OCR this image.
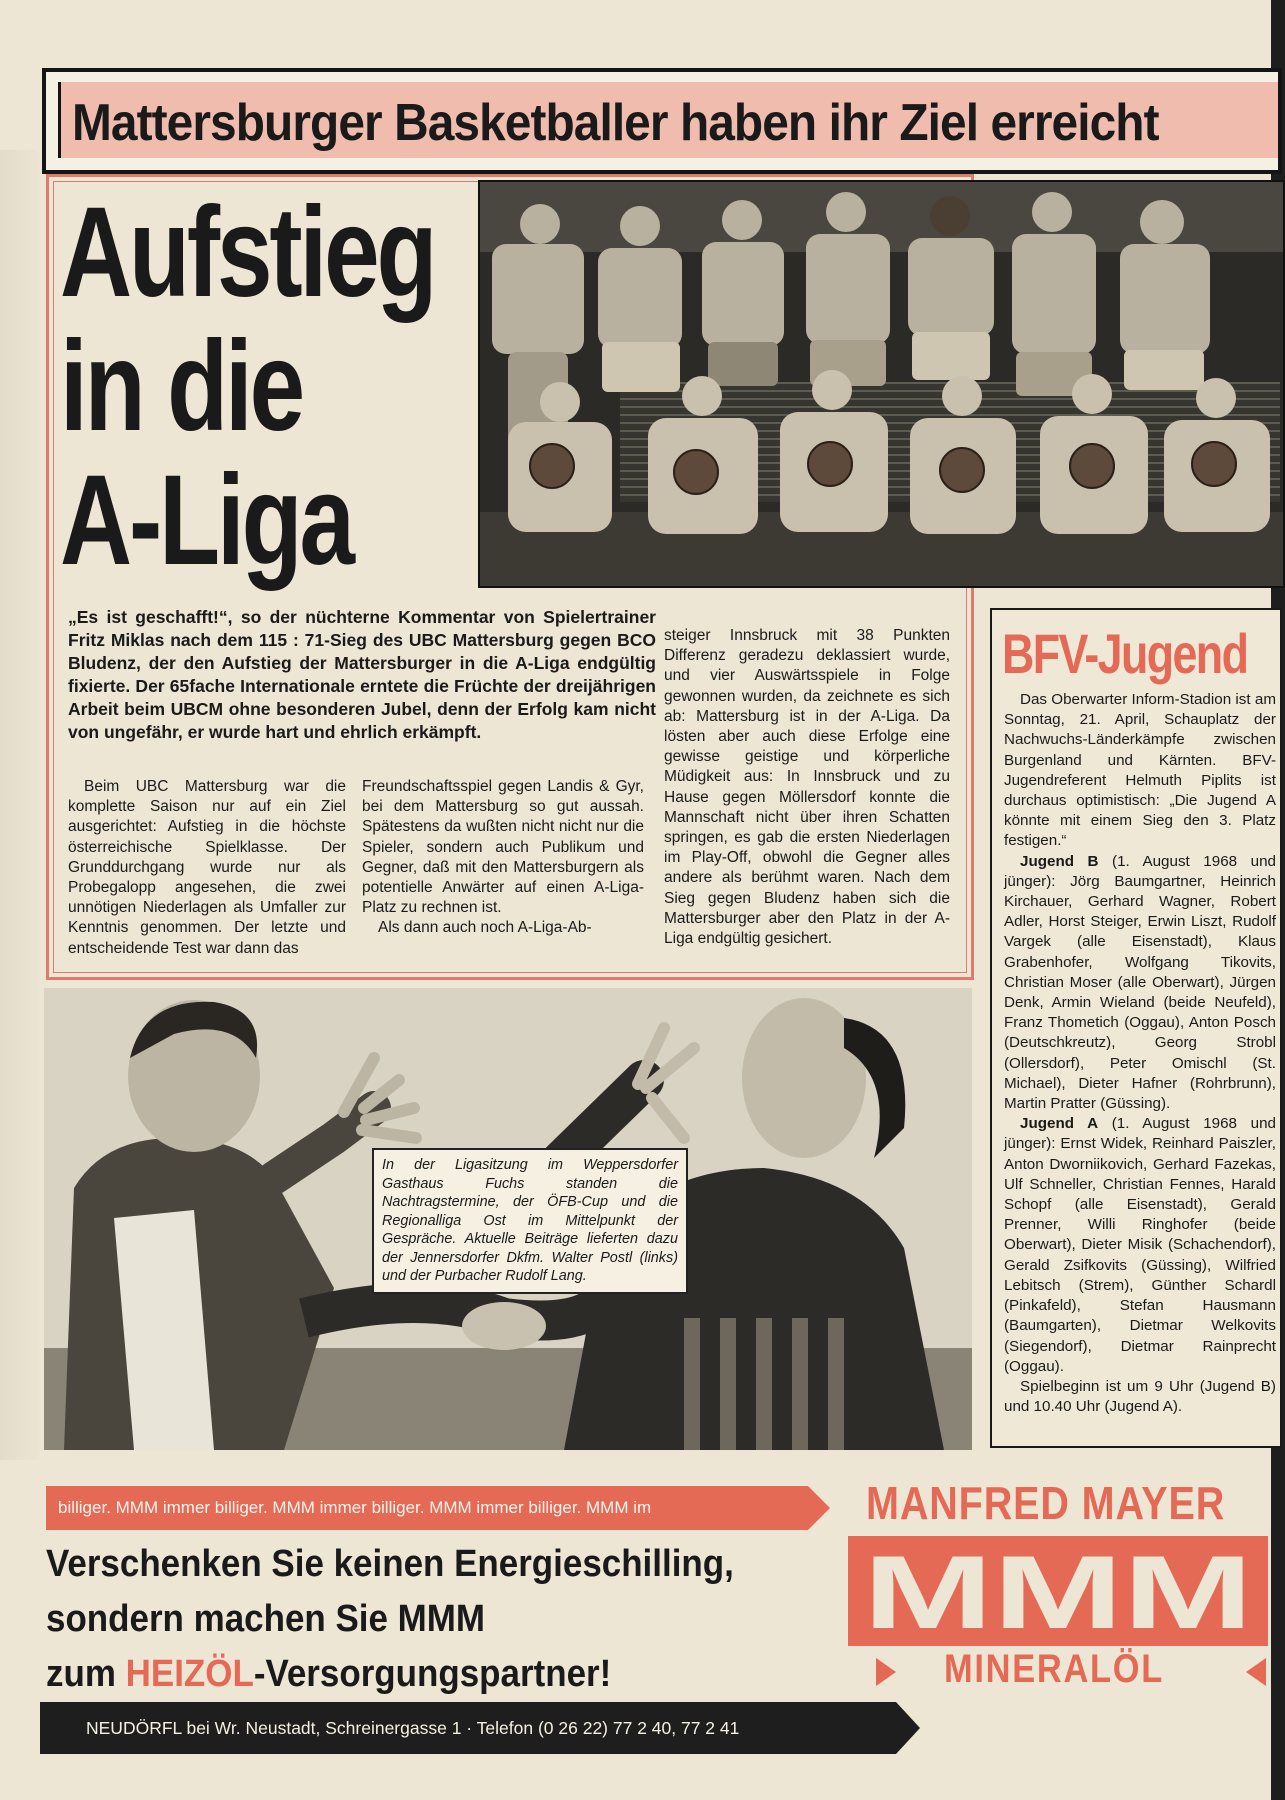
Mattersburger Basketballer haben ihr Ziel erreicht
Aufstieg
in die
A-Liga

„Es ist geschafft!“, so der nüchterne Kommentar von Spielertrainer Fritz Miklas nach dem 115 : 71-Sieg des UBC Mattersburg gegen BCO Bludenz, der den Aufstieg der Mattersburger in die A-Liga endgültig fixierte. Der 65fache Internationale erntete die Früchte der dreijährigen Arbeit beim UBCM ohne besonderen Jubel, denn der Erfolg kam nicht von ungefähr, er wurde hart und ehrlich erkämpft.

Beim UBC Mattersburg war die komplette Saison nur auf ein Ziel ausgerichtet: Aufstieg in die höchste österreichische Spielklasse. Der Grunddurchgang wurde nur als Probegalopp angesehen, die zwei unnötigen Niederlagen als Umfaller zur Kenntnis genommen. Der letzte und entscheidende Test war dann das

Freundschaftsspiel gegen Landis & Gyr, bei dem Mattersburg so gut aussah. Spätestens da wußten nicht nicht nur die Spieler, sondern auch Publikum und Gegner, daß mit den Mattersburgern als potentielle Anwärter auf einen A-Liga-Platz zu rechnen ist.
Als dann auch noch A-Liga-Ab-

steiger Innsbruck mit 38 Punkten Differenz geradezu deklassiert wurde, und vier Auswärtsspiele in Folge gewonnen wurden, da zeichnete es sich ab: Mattersburg ist in der A-Liga. Da lösten aber auch diese Erfolge eine gewisse geistige und körperliche Müdigkeit aus: In Innsbruck und zu Hause gegen Möllersdorf konnte die Mannschaft nicht über ihren Schatten springen, es gab die ersten Niederlagen im Play-Off, obwohl die Gegner alles andere als berühmt waren. Nach dem Sieg gegen Bludenz haben sich die Mattersburger aber den Platz in der A-Liga endgültig gesichert.

BFV-Jugend

Das Oberwarter Inform-Stadion ist am Sonntag, 21. April, Schauplatz der Nachwuchs-Länderkämpfe zwischen Burgenland und Kärnten. BFV-Jugendreferent Helmuth Piplits ist durchaus optimistisch: „Die Jugend A könnte mit einem Sieg den 3. Platz festigen.“

Jugend B (1. August 1968 und jünger): Jörg Baumgartner, Heinrich Kirchauer, Gerhard Wagner, Robert Adler, Horst Steiger, Erwin Liszt, Rudolf Vargek (alle Eisenstadt), Klaus Grabenhofer, Wolfgang Tikovits, Christian Moser (alle Oberwart), Jürgen Denk, Armin Wieland (beide Neufeld), Franz Thometich (Oggau), Anton Posch (Deutschkreutz), Georg Strobl (Ollersdorf), Peter Omischl (St. Michael), Dieter Hafner (Rohrbrunn), Martin Pratter (Güssing).

Jugend A (1. August 1968 und jünger): Ernst Widek, Reinhard Paiszler, Anton Dworniikovich, Gerhard Fazekas, Ulf Schneller, Christian Fennes, Harald Schopf (alle Eisenstadt), Gerald Prenner, Willi Ringhofer (beide Oberwart), Dieter Misik (Schachendorf), Gerald Zsifkovits (Güssing), Wilfried Lebitsch (Strem), Günther Schardl (Pinkafeld), Stefan Hausmann (Baumgarten), Dietmar Welkovits (Siegendorf), Dietmar Rainprecht (Oggau).

Spielbeginn ist um 9 Uhr (Jugend B) und 10.40 Uhr (Jugend A).

In der Ligasitzung im Weppersdorfer Gasthaus Fuchs standen die Nachtragstermine, der ÖFB-Cup und die Regionalliga Ost im Mittelpunkt der Gespräche. Aktuelle Beiträge lieferten dazu der Jennersdorfer Dkfm. Walter Postl (links) und der Purbacher Rudolf Lang.

billiger. MMM immer billiger. MMM immer billiger. MMM immer billiger. MMM im

Verschenken Sie keinen Energieschilling,

sondern machen Sie MMM

zum HEIZÖL-Versorgungspartner!

MANFRED MAYER

MMM

MINERALÖL

NEUDÖRFL bei Wr. Neustadt, Schreinergasse 1 · Telefon (0 26 22) 77 2 40, 77 2 41
